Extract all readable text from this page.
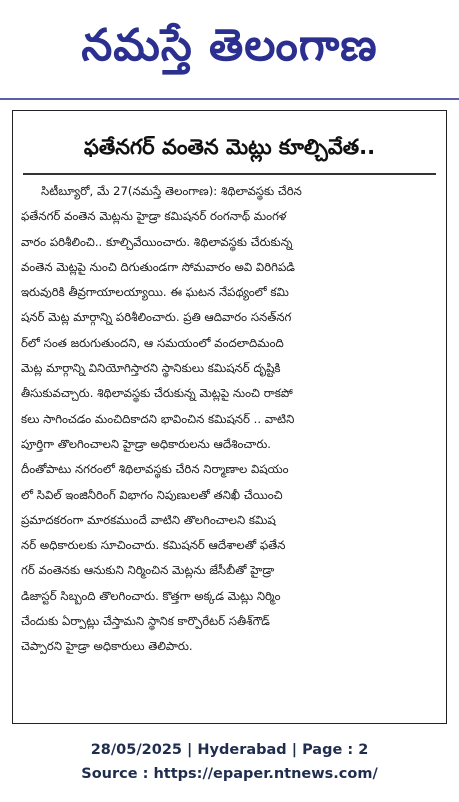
నమస్తే తెలంగాణ
ఫతేనగర్ వంతెన మెట్లు కూల్చివేత..
సిటీబ్యూరో, మే 27(నమస్తే తెలంగాణ): శిథిలావస్థకు చేరిన
ఫతేనగర్ వంతెన మెట్లను హైడ్రా కమిషనర్ రంగనాథ్ మంగళ
వారం పరిశీలించి.. కూల్చివేయించారు. శిథిలావస్థకు చేరుకున్న
వంతెన మెట్లపై నుంచి దిగుతుండగా సోమవారం అవి విరిగిపడి
ఇరువురికి తీవ్రగాయాలయ్యాయి. ఈ ఘటన నేపథ్యంలో కమి
షనర్ మెట్ల మార్గాన్ని పరిశీలించారు. ప్రతి ఆదివారం సనత్‌నగ
ర్‌లో సంత జరుగుతుందని, ఆ సమయంలో వందలాదిమంది
మెట్ల మార్గాన్ని వినియోగిస్తారని స్థానికులు కమిషనర్ దృష్టికి
తీసుకువచ్చారు. శిథిలావస్థకు చేరుకున్న మెట్లపై నుంచి రాకపో
కలు సాగించడం మంచిదికాదని భావించిన కమిషనర్ .. వాటిని
పూర్తిగా తొలగించాలని హైడ్రా అధికారులను ఆదేశించారు.
దీంతోపాటు నగరంలో శిథిలావస్థకు చేరిన నిర్మాణాల విషయం
లో సివిల్ ఇంజినీరింగ్ విభాగం నిపుణులతో తనిఖీ చేయించి
ప్రమాదకరంగా మారకముందే వాటిని తొలగించాలని కమిష
నర్ అధికారులకు సూచించారు. కమిషనర్ ఆదేశాలతో ఫతేన
గర్ వంతెనకు ఆనుకుని నిర్మించిన మెట్లను జేసీబీతో హైడ్రా
డిజాస్టర్ సిబ్బంది తొలగించారు. కొత్తగా అక్కడ మెట్లు నిర్మిం
చేందుకు ఏర్పాట్లు చేస్తామని స్థానిక కార్పొరేటర్ సతీశ్‌గౌడ్
చెప్పారని హైడ్రా అధికారులు తెలిపారు.
28/05/2025 | Hyderabad | Page : 2
Source : https://epaper.ntnews.com/
